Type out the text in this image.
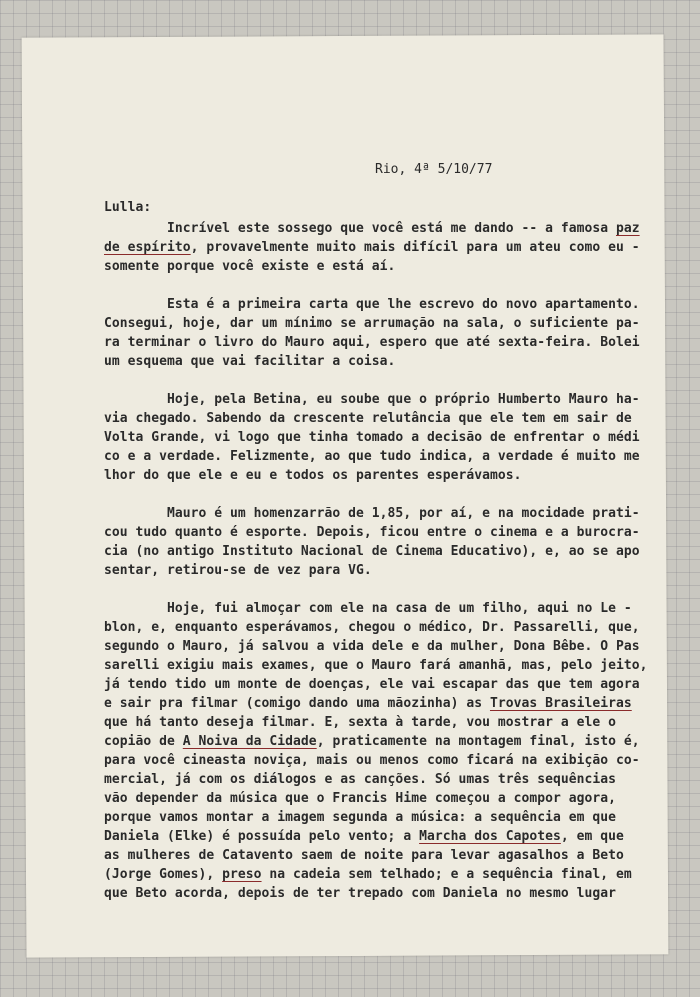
Rio, 4ª 5/10/77
Lulla:
Incrível este sossego que você está me dando -- a famosa paz
de espírito, provavelmente muito mais difícil para um ateu como eu -
somente porque você existe e está aí.
Esta é a primeira carta que lhe escrevo do novo apartamento.
Consegui, hoje, dar um mínimo se arrumação na sala, o suficiente pa-
ra terminar o livro do Mauro aqui, espero que até sexta-feira. Bolei
um esquema que vai facilitar a coisa.
Hoje, pela Betina, eu soube que o próprio Humberto Mauro ha-
via chegado. Sabendo da crescente relutância que ele tem em sair de
Volta Grande, vi logo que tinha tomado a decisão de enfrentar o médi
co e a verdade. Felizmente, ao que tudo indica, a verdade é muito me
lhor do que ele e eu e todos os parentes esperávamos.
Mauro é um homenzarrão de 1,85, por aí, e na mocidade prati-
cou tudo quanto é esporte. Depois, ficou entre o cinema e a burocra-
cia (no antigo Instituto Nacional de Cinema Educativo), e, ao se apo
sentar, retirou-se de vez para VG.
Hoje, fui almoçar com ele na casa de um filho, aqui no Le -
blon, e, enquanto esperávamos, chegou o médico, Dr. Passarelli, que,
segundo o Mauro, já salvou a vida dele e da mulher, Dona Bêbe. O Pas
sarelli exigiu mais exames, que o Mauro fará amanhã, mas, pelo jeito,
já tendo tido um monte de doenças, ele vai escapar das que tem agora
e sair pra filmar (comigo dando uma mãozinha) as Trovas Brasileiras
que há tanto deseja filmar. E, sexta à tarde, vou mostrar a ele o
copião de A Noiva da Cidade, praticamente na montagem final, isto é,
para você cineasta noviça, mais ou menos como ficará na exibição co-
mercial, já com os diálogos e as canções. Só umas três sequências
vão depender da música que o Francis Hime começou a compor agora,
porque vamos montar a imagem segunda a música: a sequência em que
Daniela (Elke) é possuída pelo vento; a Marcha dos Capotes, em que
as mulheres de Catavento saem de noite para levar agasalhos a Beto
(Jorge Gomes), preso na cadeia sem telhado; e a sequência final, em
que Beto acorda, depois de ter trepado com Daniela no mesmo lugar
